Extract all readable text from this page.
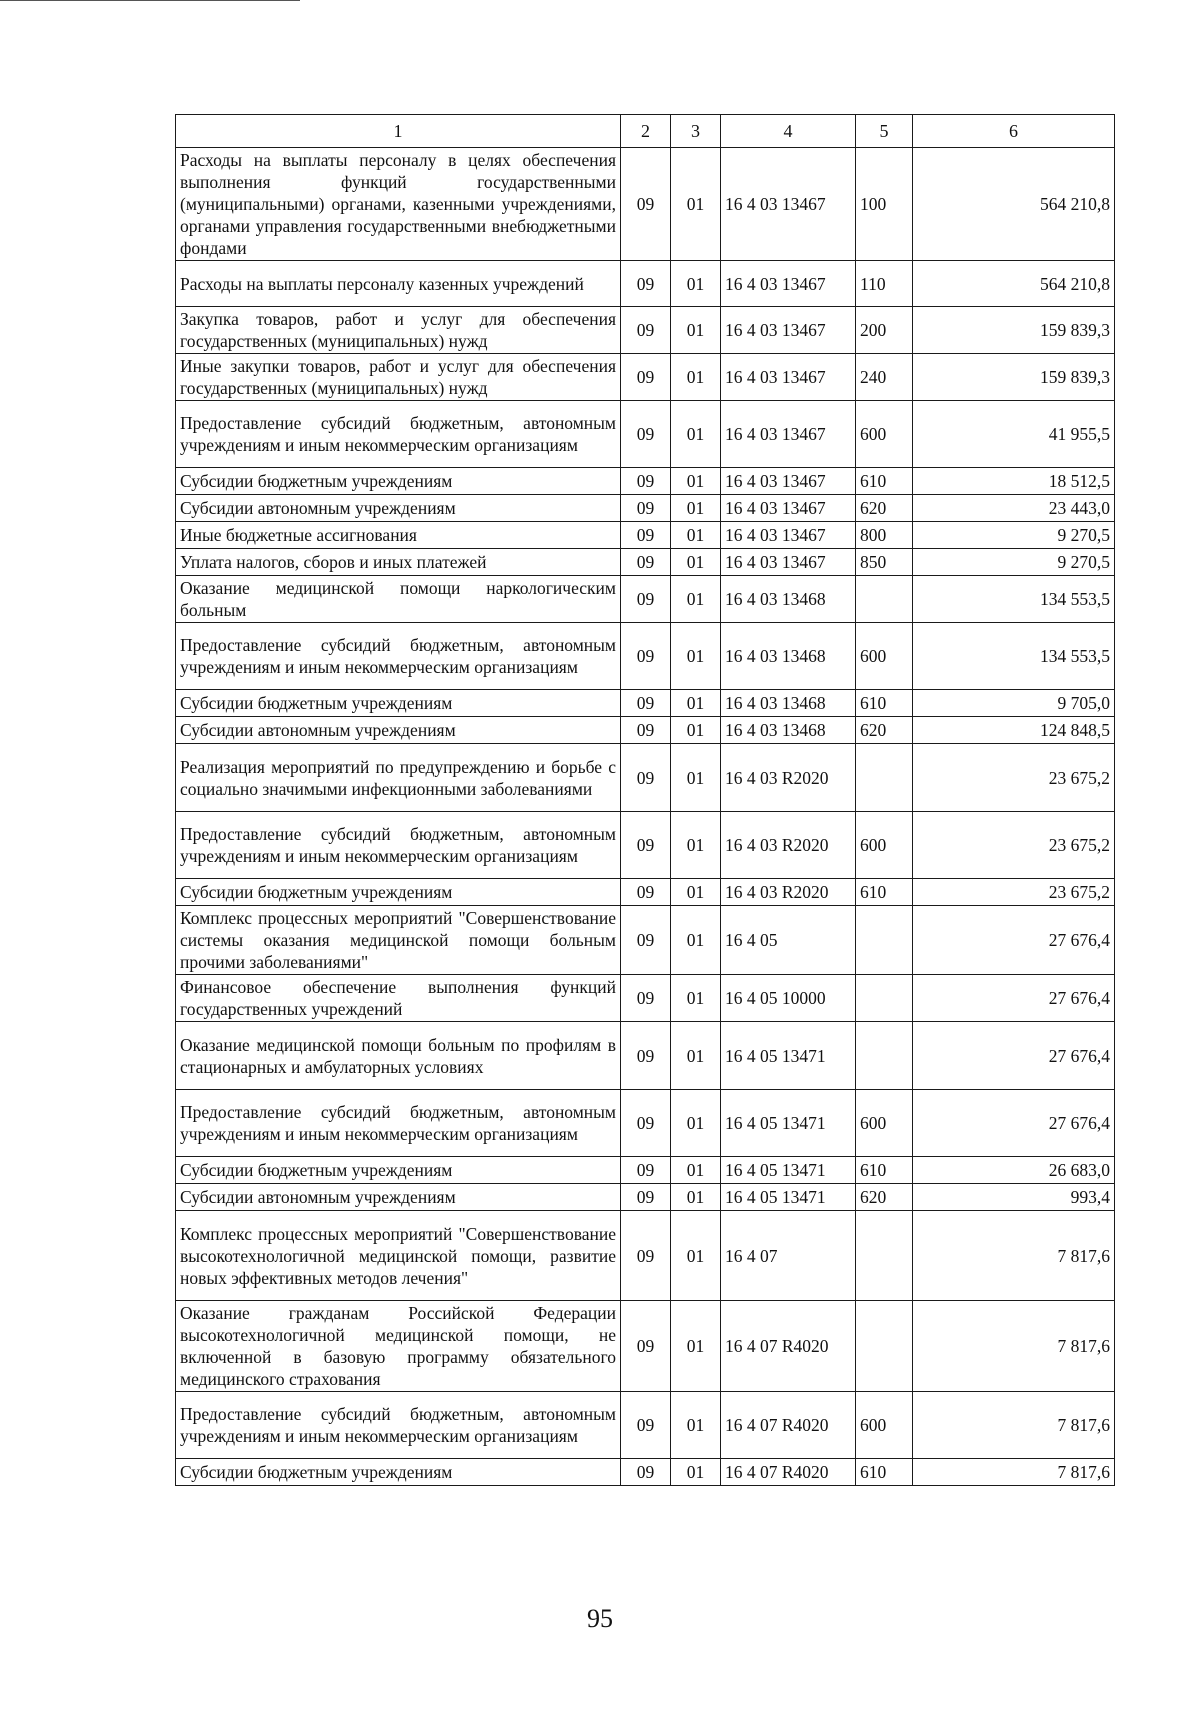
1	2	3	4	5	6
Расходы на выплаты персоналу в целях обеспечения выполнения функций государственными (муниципальными) органами, казенными учреждениями, органами управления государственными внебюджетными фондами	09	01	16 4 03 13467	100	564 210,8
Расходы на выплаты персоналу казенных учреждений	09	01	16 4 03 13467	110	564 210,8
Закупка товаров, работ и услуг для обеспечения государственных (муниципальных) нужд	09	01	16 4 03 13467	200	159 839,3
Иные закупки товаров, работ и услуг для обеспечения государственных (муниципальных) нужд	09	01	16 4 03 13467	240	159 839,3
Предоставление субсидий бюджетным, автономным учреждениям и иным некоммерческим организациям	09	01	16 4 03 13467	600	41 955,5
Субсидии бюджетным учреждениям	09	01	16 4 03 13467	610	18 512,5
Субсидии автономным учреждениям	09	01	16 4 03 13467	620	23 443,0
Иные бюджетные ассигнования	09	01	16 4 03 13467	800	9 270,5
Уплата налогов, сборов и иных платежей	09	01	16 4 03 13467	850	9 270,5
Оказание медицинской помощи наркологическим больным	09	01	16 4 03 13468		134 553,5
Предоставление субсидий бюджетным, автономным учреждениям и иным некоммерческим организациям	09	01	16 4 03 13468	600	134 553,5
Субсидии бюджетным учреждениям	09	01	16 4 03 13468	610	9 705,0
Субсидии автономным учреждениям	09	01	16 4 03 13468	620	124 848,5
Реализация мероприятий по предупреждению и борьбе с социально значимыми инфекционными заболеваниями	09	01	16 4 03 R2020		23 675,2
Предоставление субсидий бюджетным, автономным учреждениям и иным некоммерческим организациям	09	01	16 4 03 R2020	600	23 675,2
Субсидии бюджетным учреждениям	09	01	16 4 03 R2020	610	23 675,2
Комплекс процессных мероприятий "Совершенствование системы оказания медицинской помощи больным прочими заболеваниями"	09	01	16 4 05		27 676,4
Финансовое обеспечение выполнения функций государственных учреждений	09	01	16 4 05 10000		27 676,4
Оказание медицинской помощи больным по профилям в стационарных и амбулаторных условиях	09	01	16 4 05 13471		27 676,4
Предоставление субсидий бюджетным, автономным учреждениям и иным некоммерческим организациям	09	01	16 4 05 13471	600	27 676,4
Субсидии бюджетным учреждениям	09	01	16 4 05 13471	610	26 683,0
Субсидии автономным учреждениям	09	01	16 4 05 13471	620	993,4
Комплекс процессных мероприятий "Совершенствование высокотехнологичной медицинской помощи, развитие новых эффективных методов лечения"	09	01	16 4 07		7 817,6
Оказание гражданам Российской Федерации высокотехнологичной медицинской помощи, не включенной в базовую программу обязательного медицинского страхования	09	01	16 4 07 R4020		7 817,6
Предоставление субсидий бюджетным, автономным учреждениям и иным некоммерческим организациям	09	01	16 4 07 R4020	600	7 817,6
Субсидии бюджетным учреждениям	09	01	16 4 07 R4020	610	7 817,6
95
